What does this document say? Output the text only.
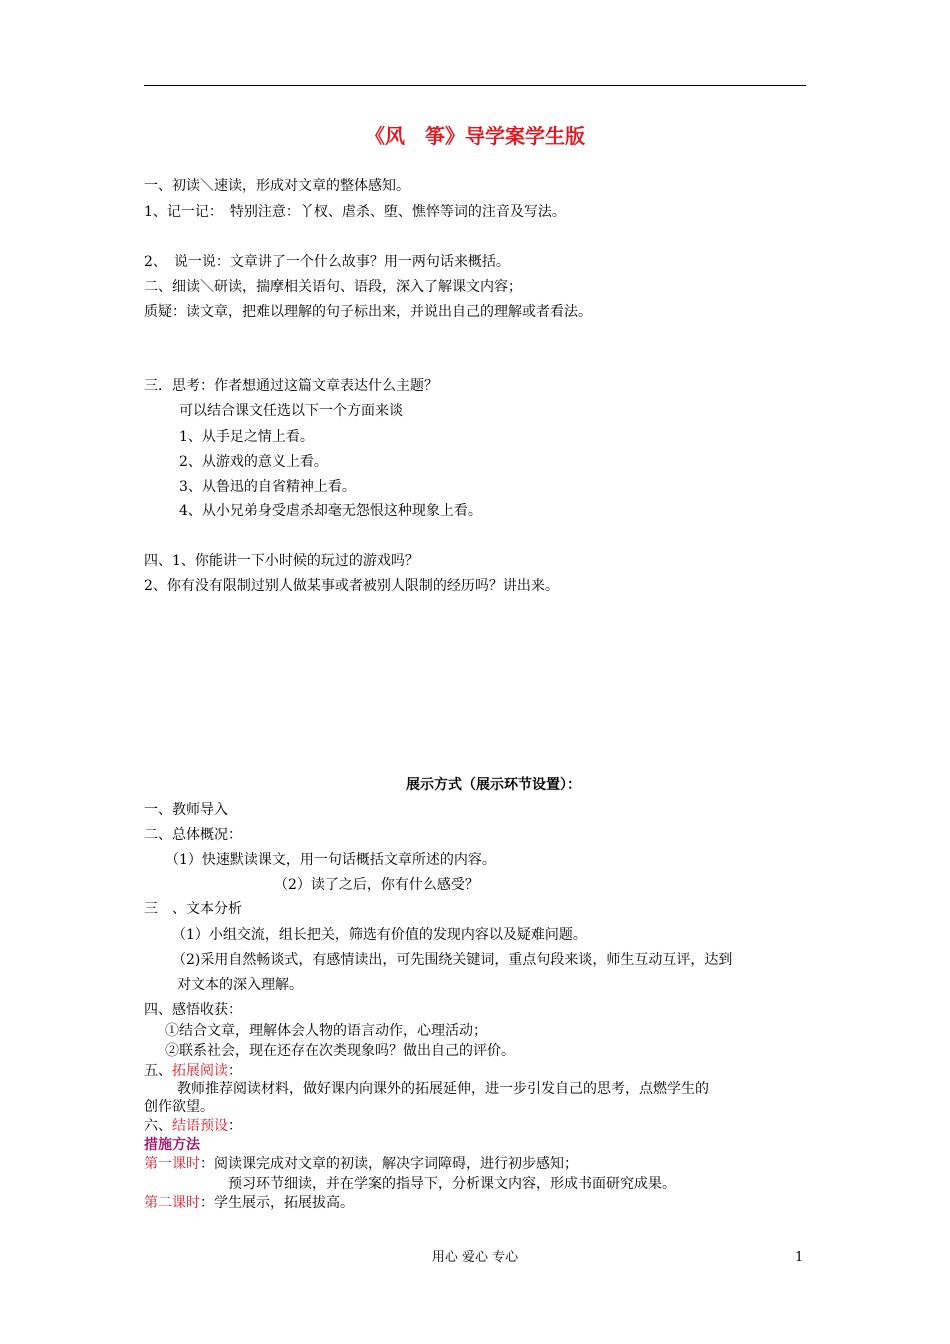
《风　筝》导学案学生版
一、初读＼速读，形成对文章的整体感知。
1、记一记：　特别注意：丫杈、虐杀、堕、憔悴等词的注音及写法。
2、　说一说：文章讲了一个什么故事？用一两句话来概括。
二、细读＼研读，揣摩相关语句、语段，深入了解课文内容；
质疑：读文章，把难以理解的句子标出来，并说出自己的理解或者看法。
三．思考：作者想通过这篇文章表达什么主题？
可以结合课文任选以下一个方面来谈
1、从手足之情上看。
2、从游戏的意义上看。
3、从鲁迅的自省精神上看。
4、从小兄弟身受虐杀却毫无怨恨这种现象上看。
四、1、你能讲一下小时候的玩过的游戏吗？
2、你有没有限制过别人做某事或者被别人限制的经历吗？讲出来。
展示方式（展示环节设置）：
一、教师导入
二、总体概况：
（1）快速默读课文，用一句话概括文章所述的内容。
（2）读了之后，你有什么感受？
三　、文本分析
（1）小组交流，组长把关，筛选有价值的发现内容以及疑难问题。
（2)采用自然畅谈式，有感情读出，可先围绕关键词，重点句段来谈，师生互动互评，达到
对文本的深入理解。
四、感悟收获：
①结合文章，理解体会人物的语言动作，心理活动；
②联系社会，现在还存在次类现象吗？做出自己的评价。
五、拓展阅读：
教师推荐阅读材料，做好课内向课外的拓展延伸，进一步引发自己的思考，点燃学生的
创作欲望。
六、结语预设：
措施方法
第一课时：阅读课完成对文章的初读，解决字词障碍，进行初步感知；
预习环节细读，并在学案的指导下，分析课文内容，形成书面研究成果。
第二课时：学生展示，拓展拔高。
用心 爱心 专心	1
